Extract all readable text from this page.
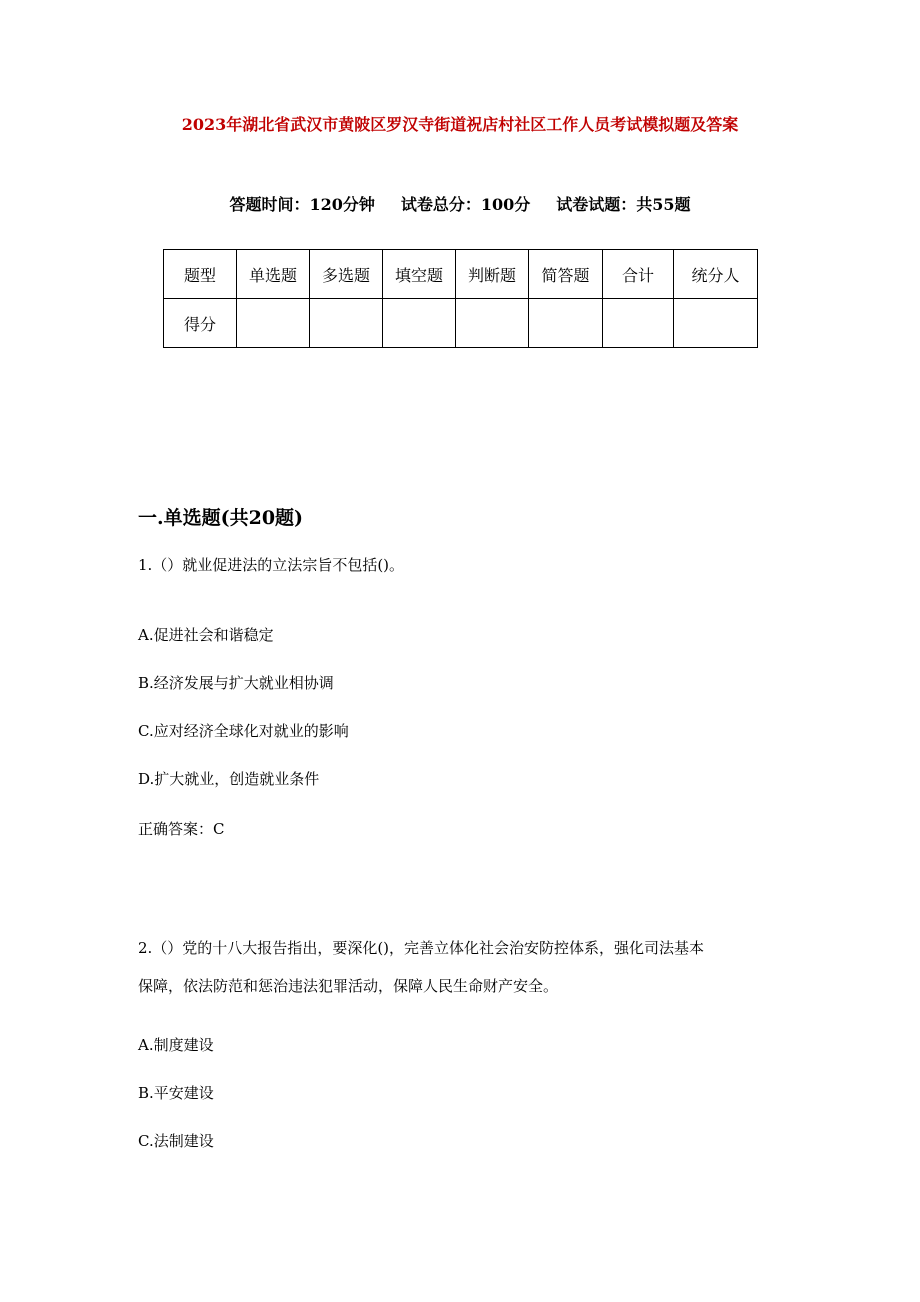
2023年湖北省武汉市黄陂区罗汉寺街道祝店村社区工作人员考试模拟题及答案
答题时间：120分钟 试卷总分：100分 试卷试题：共55题
题型	单选题	多选题	填空题	判断题	简答题	合计	统分人
得分							
一.单选题(共20题)
1.（）就业促进法的立法宗旨不包括()。
A.促进社会和谐稳定
B.经济发展与扩大就业相协调
C.应对经济全球化对就业的影响
D.扩大就业，创造就业条件
正确答案：C
2.（）党的十八大报告指出，要深化()，完善立体化社会治安防控体系，强化司法基本
保障，依法防范和惩治违法犯罪活动，保障人民生命财产安全。
A.制度建设
B.平安建设
C.法制建设
